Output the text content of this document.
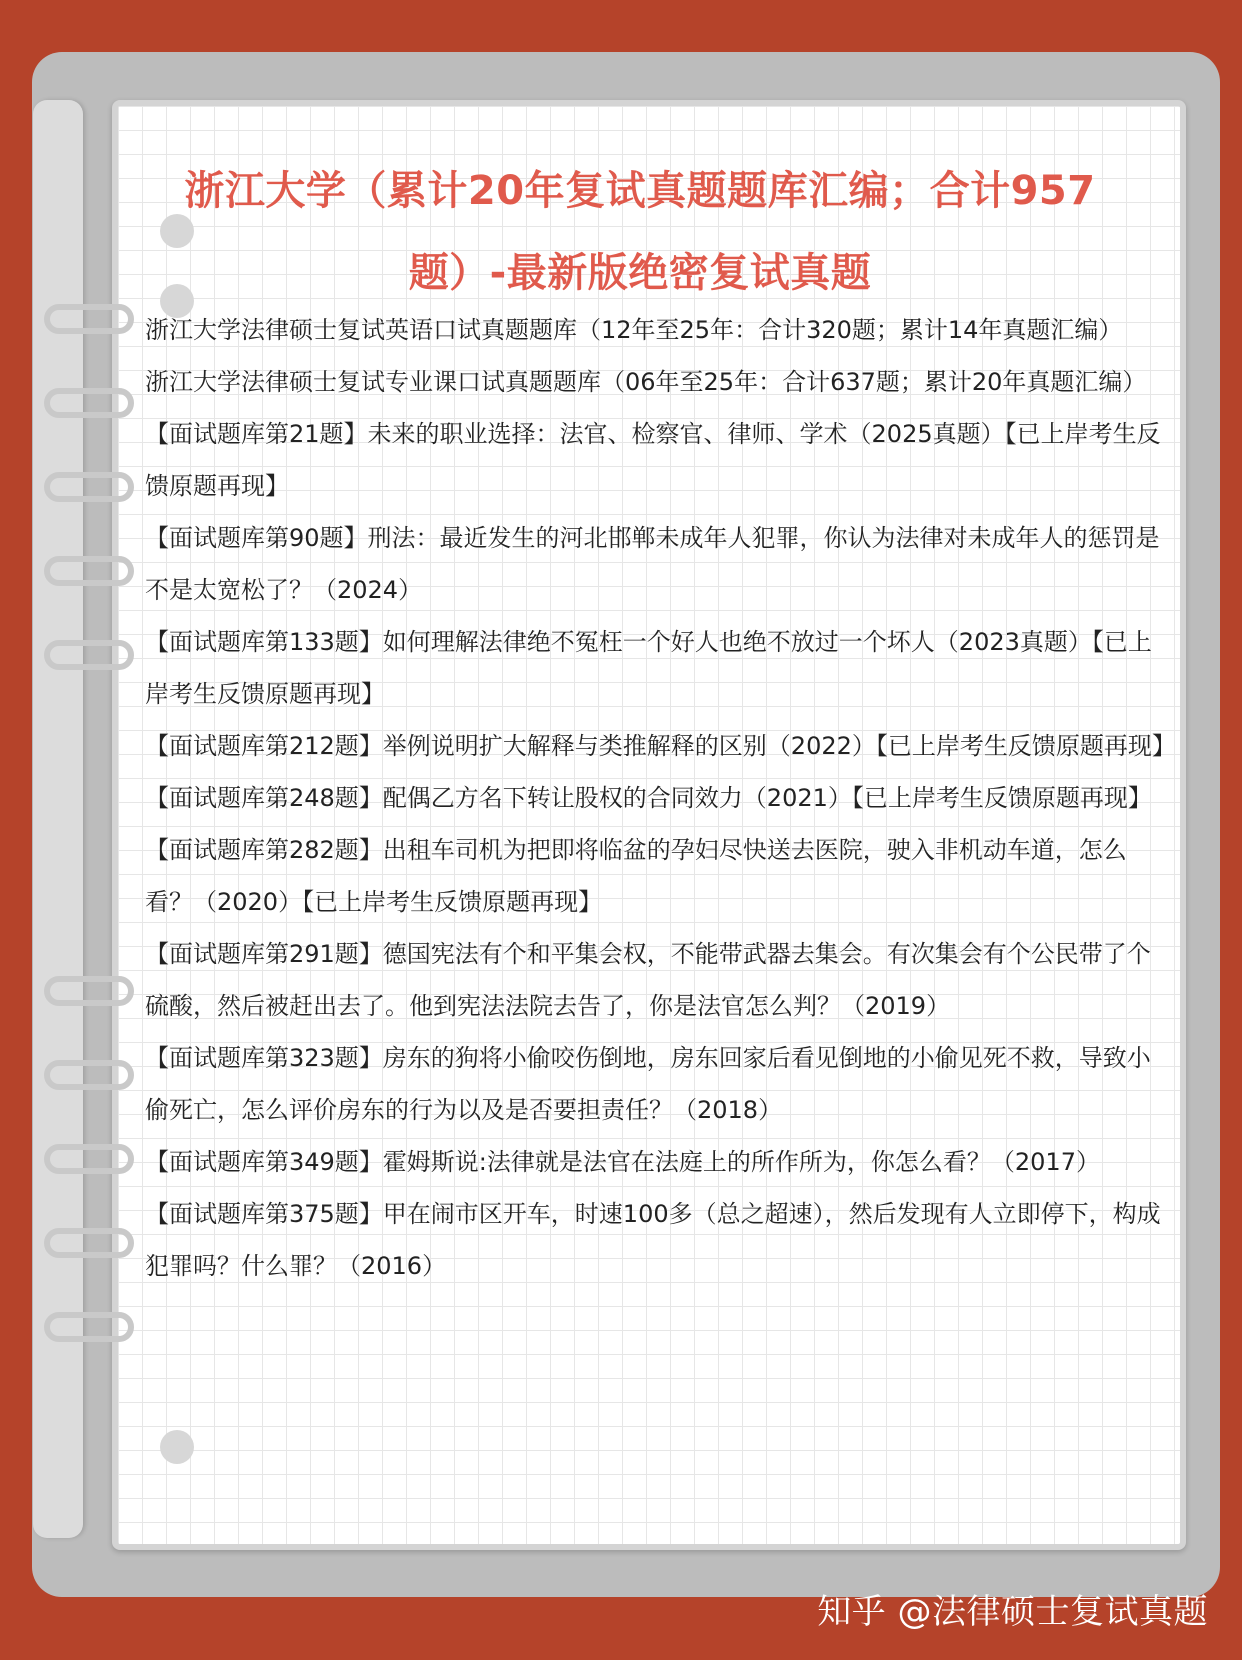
浙江大学（累计20年复试真题题库汇编；合计957题）-最新版绝密复试真题
浙江大学法律硕士复试英语口试真题题库（12年至25年：合计320题；累计14年真题汇编）
浙江大学法律硕士复试专业课口试真题题库（06年至25年：合计637题；累计20年真题汇编）
【面试题库第21题】未来的职业选择：法官、检察官、律师、学术（2025真题）【已上岸考生反馈原题再现】
【面试题库第90题】刑法：最近发生的河北邯郸未成年人犯罪，你认为法律对未成年人的惩罚是不是太宽松了？（2024）
【面试题库第133题】如何理解法律绝不冤枉一个好人也绝不放过一个坏人（2023真题）【已上岸考生反馈原题再现】
【面试题库第212题】举例说明扩大解释与类推解释的区别（2022）【已上岸考生反馈原题再现】
【面试题库第248题】配偶乙方名下转让股权的合同效力（2021）【已上岸考生反馈原题再现】
【面试题库第282题】出租车司机为把即将临盆的孕妇尽快送去医院，驶入非机动车道，怎么看？（2020）【已上岸考生反馈原题再现】
【面试题库第291题】德国宪法有个和平集会权，不能带武器去集会。有次集会有个公民带了个硫酸，然后被赶出去了。他到宪法法院去告了，你是法官怎么判？（2019）
【面试题库第323题】房东的狗将小偷咬伤倒地，房东回家后看见倒地的小偷见死不救，导致小偷死亡，怎么评价房东的行为以及是否要担责任？（2018）
【面试题库第349题】霍姆斯说:法律就是法官在法庭上的所作所为，你怎么看？（2017）
【面试题库第375题】甲在闹市区开车，时速100多（总之超速），然后发现有人立即停下，构成犯罪吗？什么罪？（2016）
知乎 @法律硕士复试真题
